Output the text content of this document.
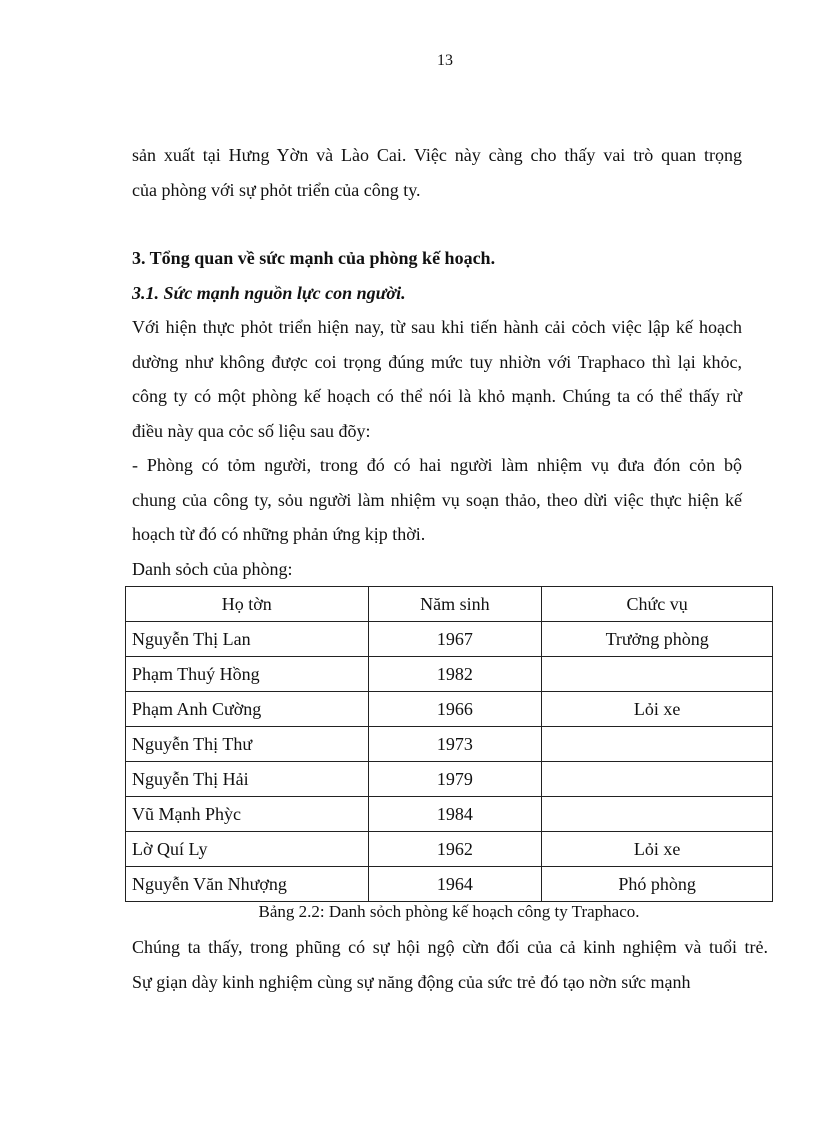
13
sản xuất tại Hưng Yờn và Lào Cai. Việc này càng cho thấy vai trò quan trọng
của phòng với sự phỏt triển của công ty.
3. Tổng quan về sức mạnh của phòng kế hoạch.
3.1. Sức mạnh nguồn lực con người.
Với hiện thực phỏt triển hiện nay, từ sau khi tiến hành cải cỏch việc lập kế hoạch
dường như không được coi trọng đúng mức tuy nhiờn với Traphaco thì lại khỏc,
công ty có một phòng kế hoạch có thể nói là khỏ mạnh. Chúng ta có thể thấy rừ
điều này qua cỏc số liệu sau đõy:
- Phòng có tỏm người, trong đó có hai người làm nhiệm vụ đưa đón cỏn bộ
chung của công ty, sỏu người làm nhiệm vụ soạn thảo, theo dừi việc thực hiện kế
hoạch từ đó có những phản ứng kịp thời.
Danh sỏch của phòng:
Họ tờn	Năm sinh	Chức vụ
Nguyễn Thị Lan	1967	Trưởng phòng
Phạm Thuý Hồng	1982	
Phạm Anh Cường	1966	Lỏi xe
Nguyễn Thị Thư	1973	
Nguyễn Thị Hải	1979	
Vũ Mạnh Phỳc	1984	
Lờ Quí Ly	1962	Lỏi xe
Nguyễn Văn Nhượng	1964	Phó phòng
Bảng 2.2: Danh sỏch phòng kế hoạch công ty Traphaco.
Chúng ta thấy, trong phũng có sự hội ngộ cừn đối của cả kinh nghiệm và tuổi trẻ.
Sự giạn dày kinh nghiệm cùng sự năng động của sức trẻ đó tạo nờn sức mạnh
